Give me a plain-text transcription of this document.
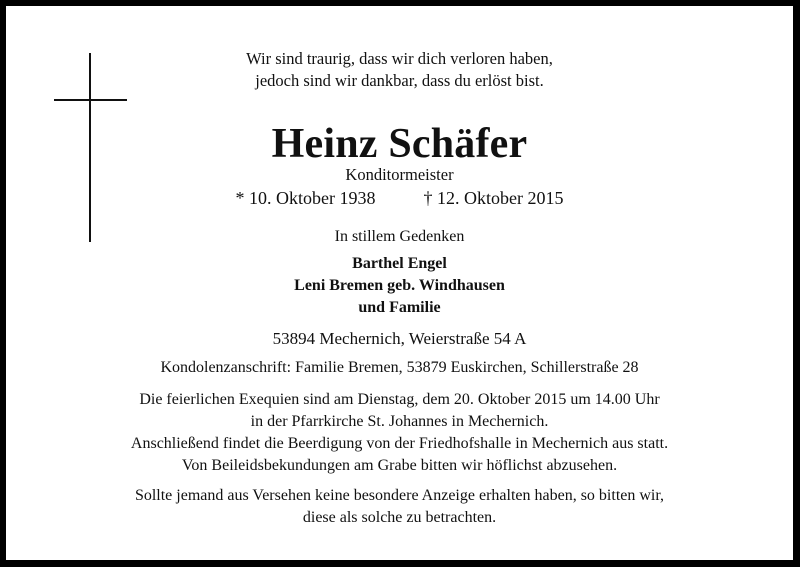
Wir sind traurig, dass wir dich verloren haben,
jedoch sind wir dankbar, dass du erlöst bist.
Heinz Schäfer
Konditormeister
* 10. Oktober 1938	† 12. Oktober 2015
In stillem Gedenken
Barthel Engel
Leni Bremen geb. Windhausen
und Familie
53894 Mechernich, Weierstraße 54 A
Kondolenzanschrift: Familie Bremen, 53879 Euskirchen, Schillerstraße 28
Die feierlichen Exequien sind am Dienstag, dem 20. Oktober 2015 um 14.00 Uhr
in der Pfarrkirche St. Johannes in Mechernich.
Anschließend findet die Beerdigung von der Friedhofshalle in Mechernich aus statt.
Von Beileidsbekundungen am Grabe bitten wir höflichst abzusehen.
Sollte jemand aus Versehen keine besondere Anzeige erhalten haben, so bitten wir,
diese als solche zu betrachten.
